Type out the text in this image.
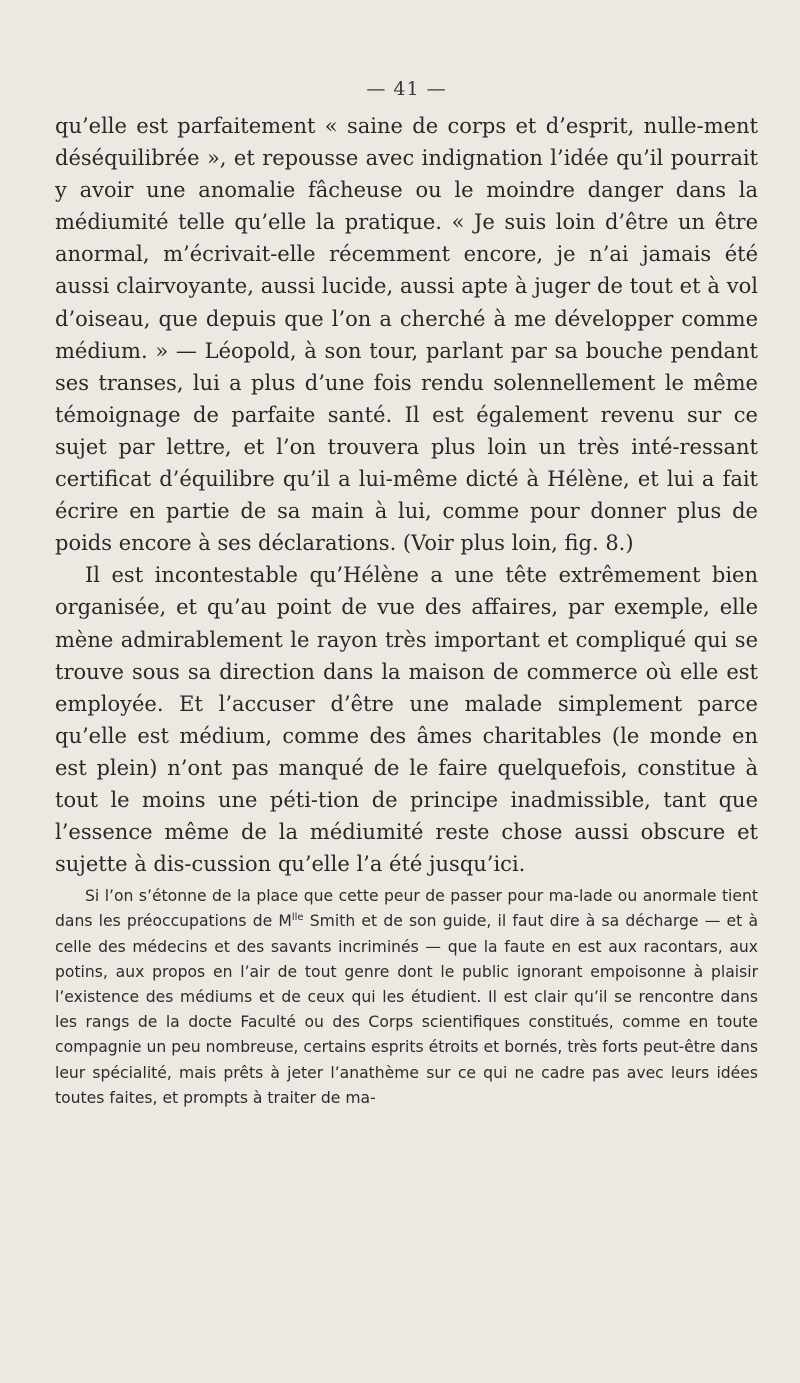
— 41 —

qu’elle est parfaitement « saine de corps et d’esprit, nulle-ment déséquilibrée », et repousse avec indignation l’idée qu’il pourrait y avoir une anomalie fâcheuse ou le moindre danger dans la médiumité telle qu’elle la pratique. « Je suis loin d’être un être anormal, m’écrivait-elle récemment encore, je n’ai jamais été aussi clairvoyante, aussi lucide, aussi apte à juger de tout et à vol d’oiseau, que depuis que l’on a cherché à me développer comme médium. » — Léopold, à son tour, parlant par sa bouche pendant ses transes, lui a plus d’une fois rendu solennellement le même témoignage de parfaite santé. Il est également revenu sur ce sujet par lettre, et l’on trouvera plus loin un très inté-ressant certificat d’équilibre qu’il a lui-même dicté à Hélène, et lui a fait écrire en partie de sa main à lui, comme pour donner plus de poids encore à ses déclarations. (Voir plus loin, fig. 8.)

Il est incontestable qu’Hélène a une tête extrêmement bien organisée, et qu’au point de vue des affaires, par exemple, elle mène admirablement le rayon très important et compliqué qui se trouve sous sa direction dans la maison de commerce où elle est employée. Et l’accuser d’être une malade simplement parce qu’elle est médium, comme des âmes charitables (le monde en est plein) n’ont pas manqué de le faire quelquefois, constitue à tout le moins une péti-tion de principe inadmissible, tant que l’essence même de la médiumité reste chose aussi obscure et sujette à dis-cussion qu’elle l’a été jusqu’ici.

Si l’on s’étonne de la place que cette peur de passer pour ma-lade ou anormale tient dans les préoccupations de $M^{lle}$ Smith et de son guide, il faut dire à sa décharge — et à celle des médecins et des savants incriminés — que la faute en est aux racontars, aux potins, aux propos en l’air de tout genre dont le public ignorant empoisonne à plaisir l’existence des médiums et de ceux qui les étudient. Il est clair qu’il se rencontre dans les rangs de la docte Faculté ou des Corps scientifiques constitués, comme en toute compagnie un peu nombreuse, certains esprits étroits et bornés, très forts peut-être dans leur spécialité, mais prêts à jeter l’anathème sur ce qui ne cadre pas avec leurs idées toutes faites, et prompts à traiter de ma-
